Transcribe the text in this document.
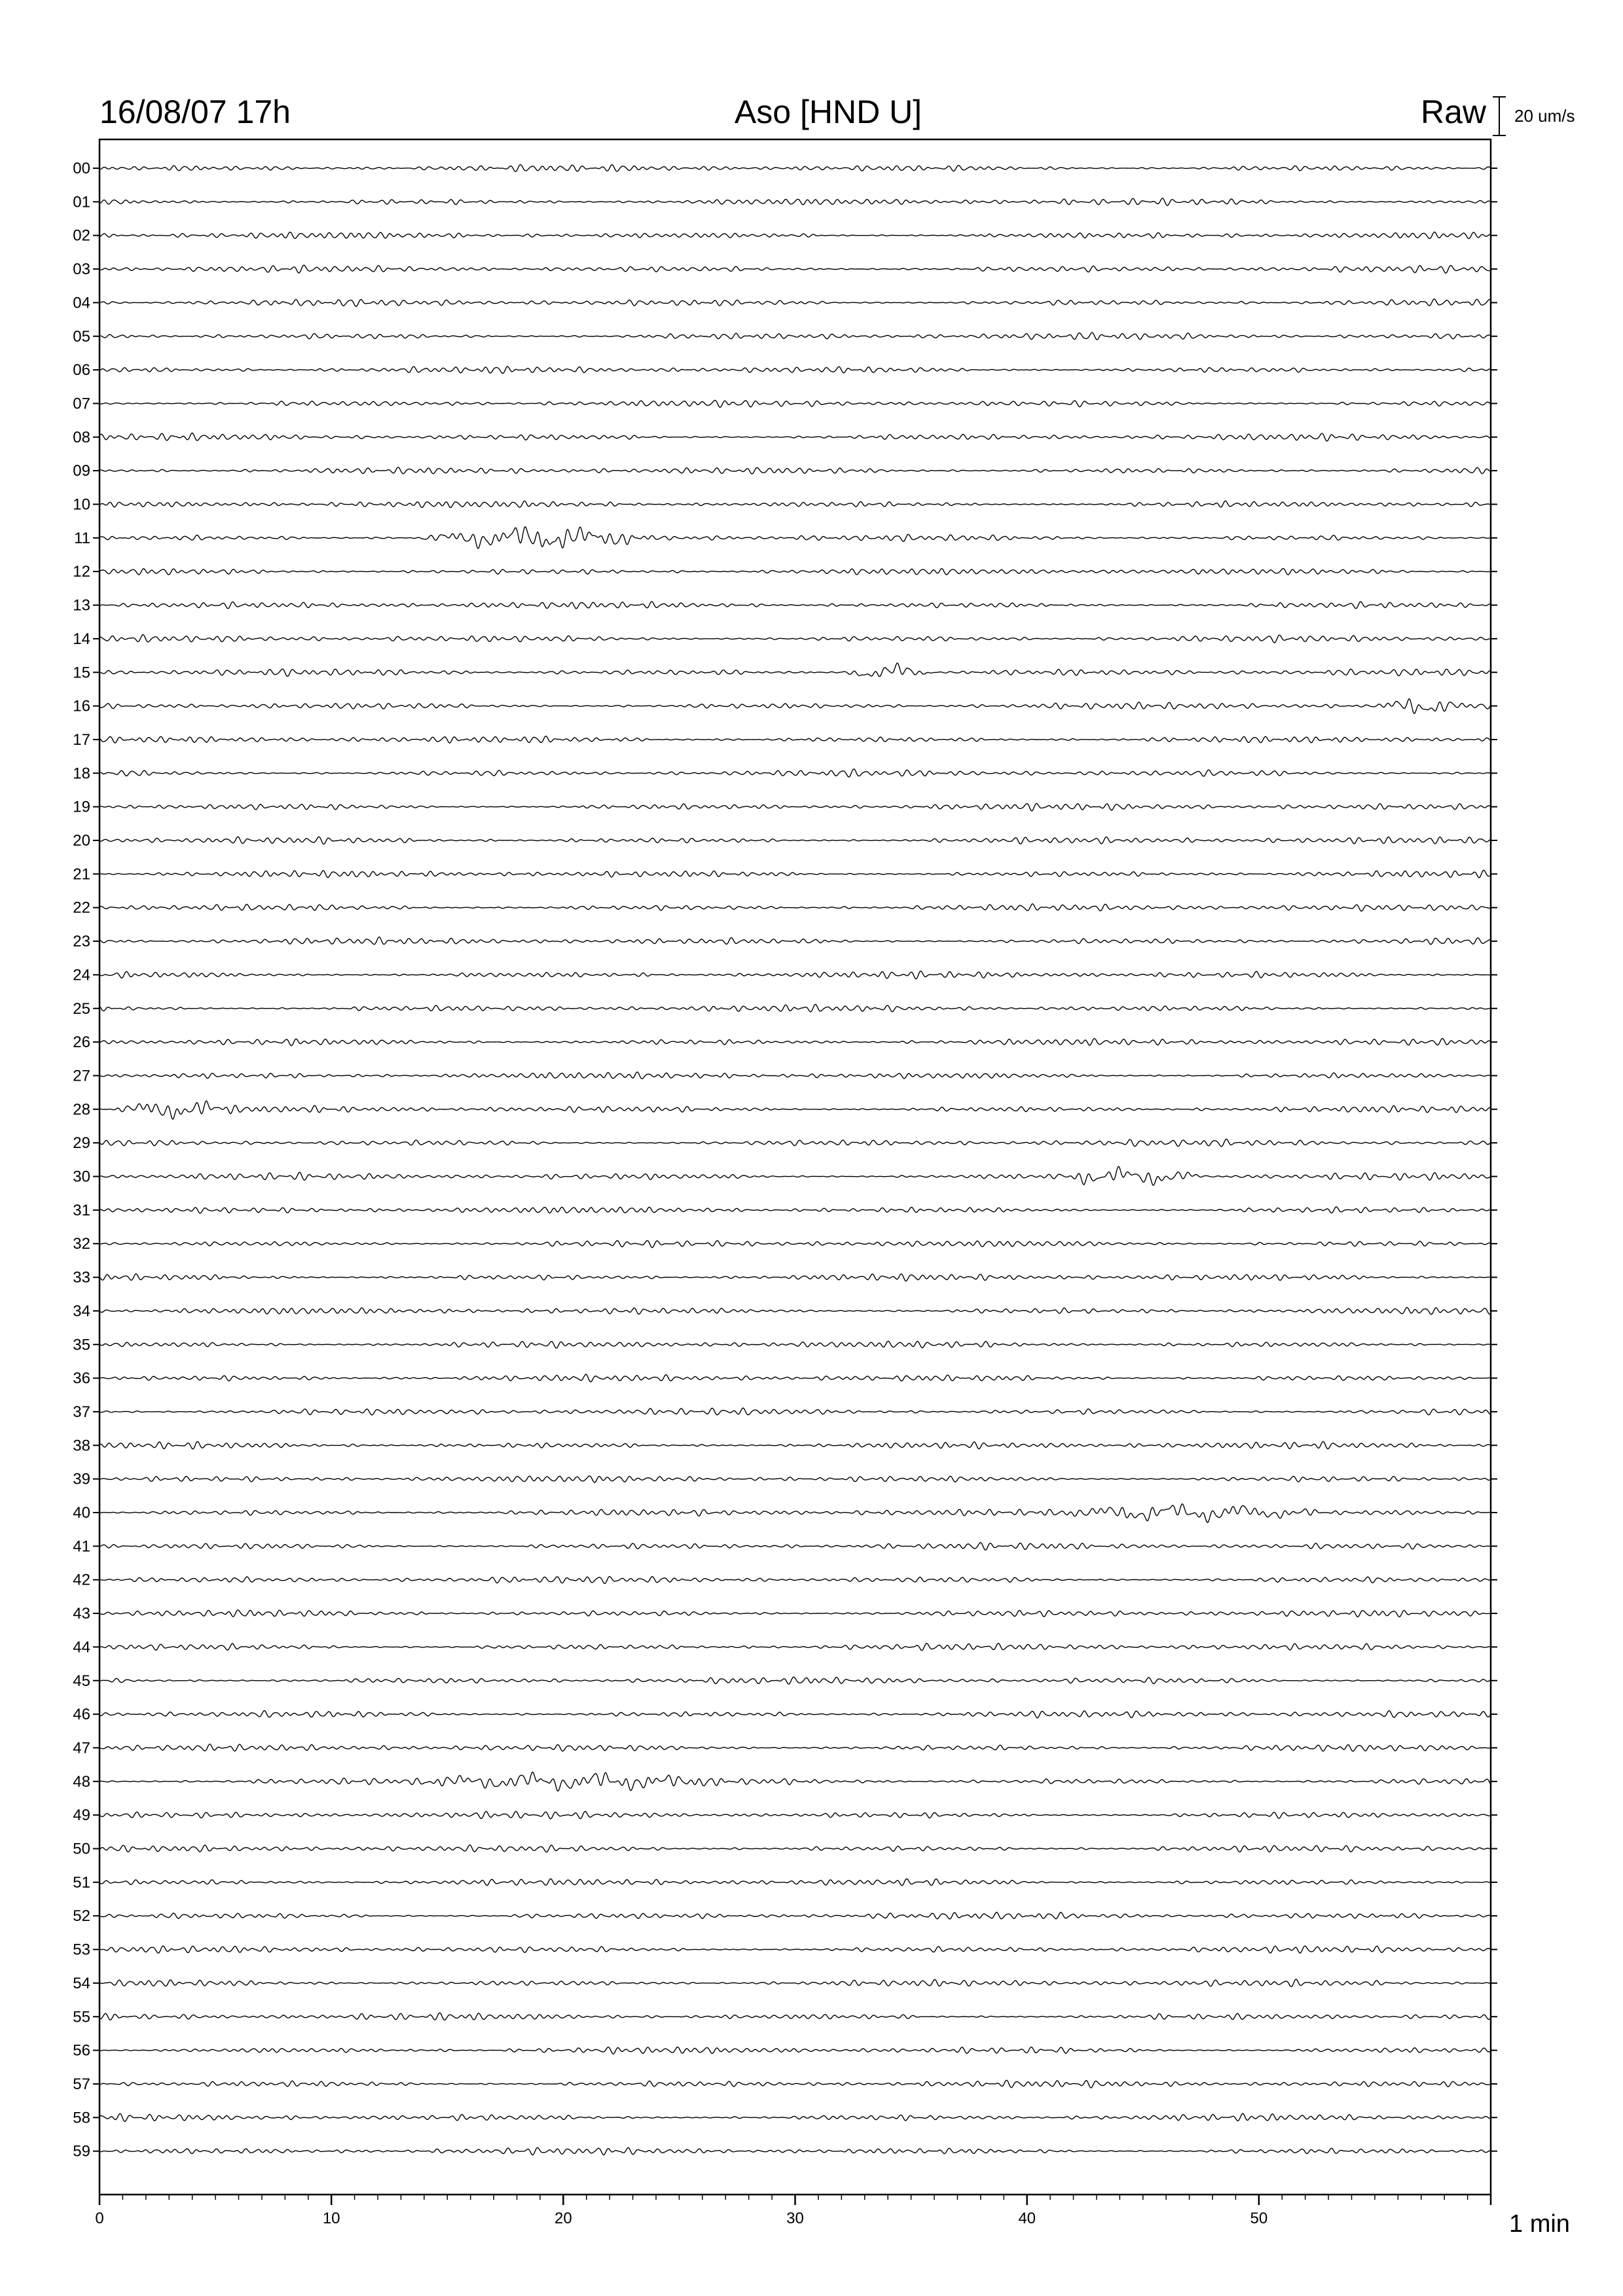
16/08/07 17h	Aso [HND U]	Raw 20 um/s
00
01
02
03
04
05
06
07
08
09
10
11
12
13
14
15
16
17
18
19
20
21
22
23
24
25
26
27
28
29
30
31
32
33
34
35
36
37
38
39
40
41
42
43
44
45
46
47
48
49
50
51
52
53
54
55
56
57
58
59
0	10	20	30	40	50	1 min
